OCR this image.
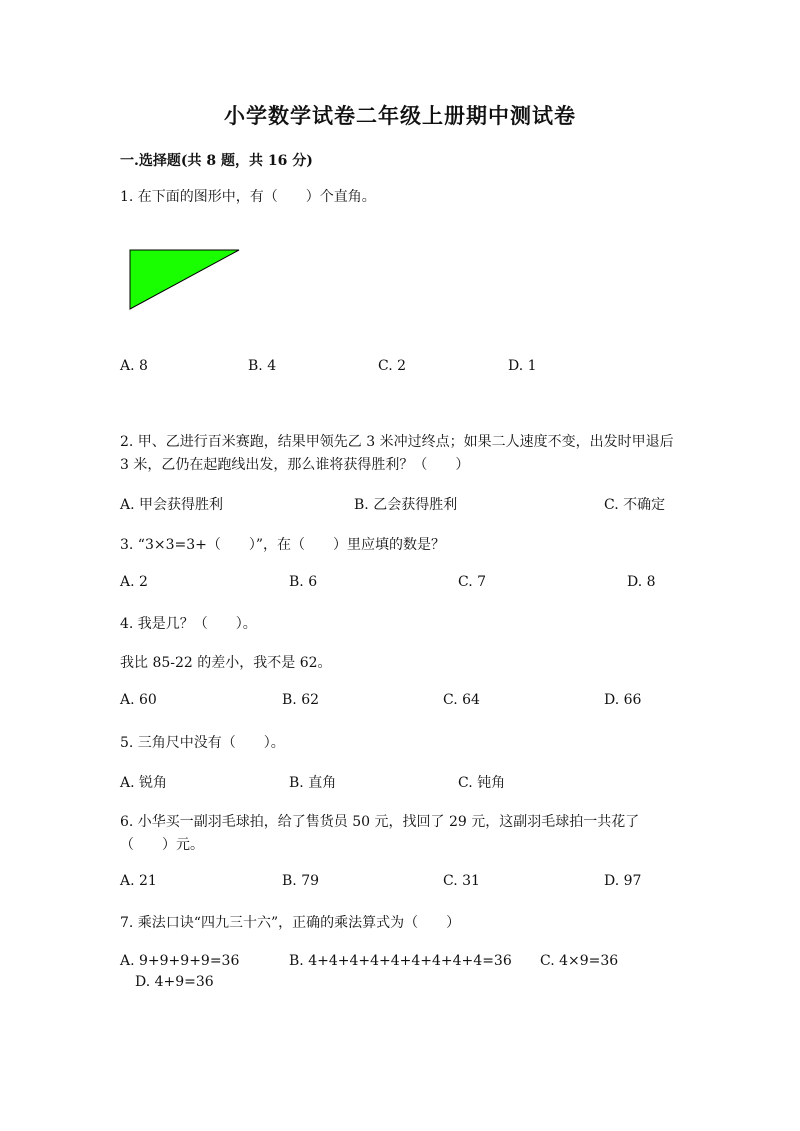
小学数学试卷二年级上册期中测试卷
一.选择题(共 8 题，共 16 分)
1. 在下面的图形中，有（　　）个直角。
A. 8	B. 4	C. 2	D. 1
2. 甲、乙进行百米赛跑，结果甲领先乙 3 米冲过终点；如果二人速度不变，出发时甲退后 3 米，乙仍在起跑线出发，那么谁将获得胜利？（　　）
A. 甲会获得胜利	B. 乙会获得胜利	C. 不确定
3. “3×3=3+（　　）”，在（　　）里应填的数是？
A. 2	B. 6	C. 7	D. 8
4. 我是几？（　　）。
我比 85-22 的差小，我不是 62。
A. 60	B. 62	C. 64	D. 66
5. 三角尺中没有（　　）。
A. 锐角	B. 直角	C. 钝角
6. 小华买一副羽毛球拍，给了售货员 50 元，找回了 29 元，这副羽毛球拍一共花了（　　）元。
A. 21	B. 79	C. 31	D. 97
7. 乘法口诀“四九三十六”，正确的乘法算式为（　　）
A. 9+9+9+9=36	B. 4+4+4+4+4+4+4+4+4=36 C. 4×9=36
D. 4+9=36
